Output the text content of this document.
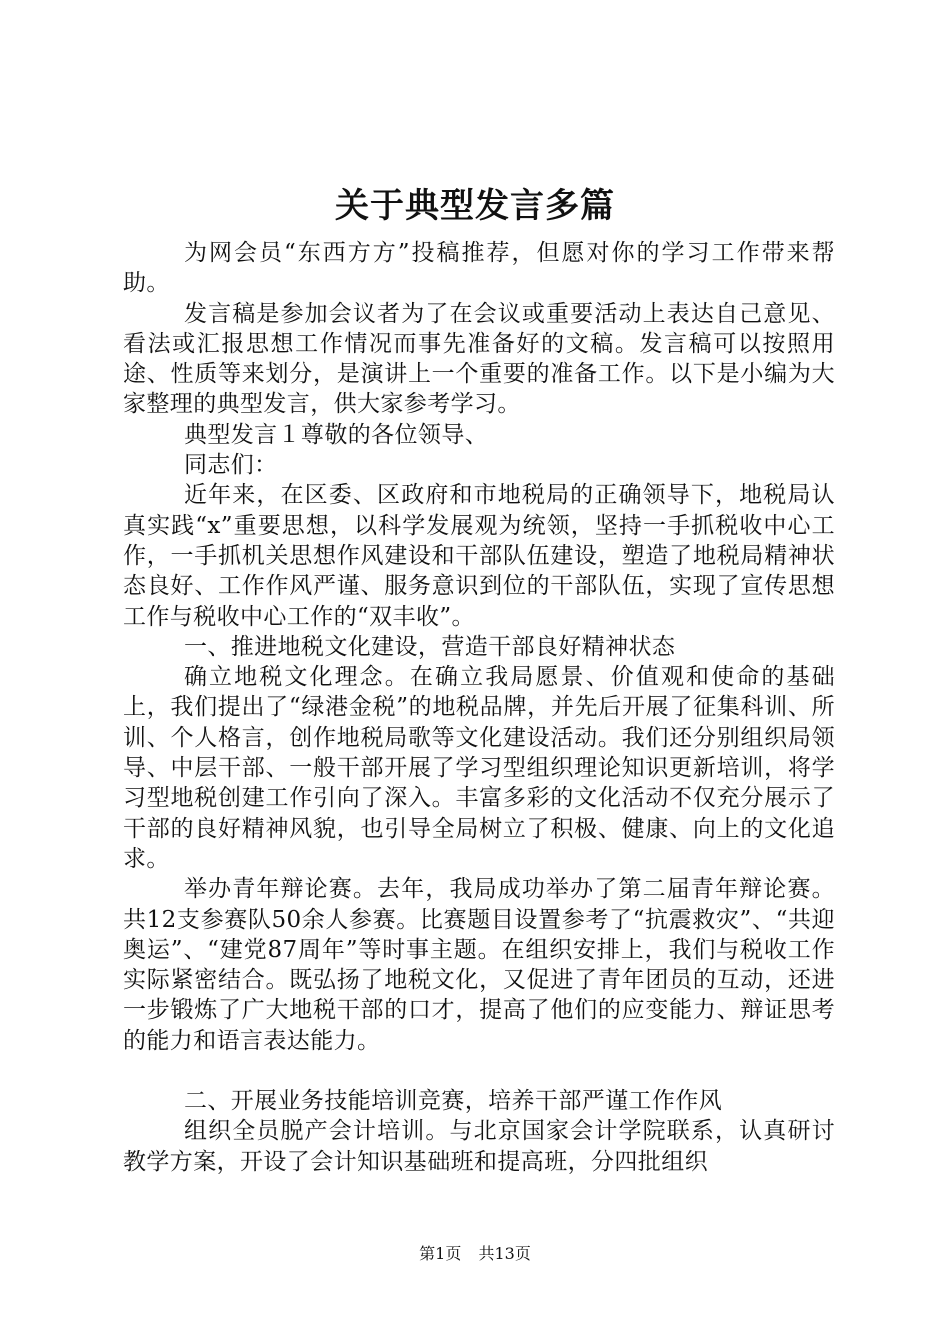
关于典型发言多篇

为网会员“东西方方”投稿推荐，但愿对你的学习工作带来帮助。

发言稿是参加会议者为了在会议或重要活动上表达自己意见、看法或汇报思想工作情况而事先准备好的文稿。发言稿可以按照用途、性质等来划分，是演讲上一个重要的准备工作。以下是小编为大家整理的典型发言，供大家参考学习。

典型发言１尊敬的各位领导、

同志们：

近年来，在区委、区政府和市地税局的正确领导下，地税局认真实践“x”重要思想，以科学发展观为统领，坚持一手抓税收中心工作，一手抓机关思想作风建设和干部队伍建设，塑造了地税局精神状态良好、工作作风严谨、服务意识到位的干部队伍，实现了宣传思想工作与税收中心工作的“双丰收”。

一、推进地税文化建设，营造干部良好精神状态

确立地税文化理念。在确立我局愿景、价值观和使命的基础上，我们提出了“绿港金税”的地税品牌，并先后开展了征集科训、所训、个人格言，创作地税局歌等文化建设活动。我们还分别组织局领导、中层干部、一般干部开展了学习型组织理论知识更新培训，将学习型地税创建工作引向了深入。丰富多彩的文化活动不仅充分展示了干部的良好精神风貌，也引导全局树立了积极、健康、向上的文化追求。

举办青年辩论赛。去年，我局成功举办了第二届青年辩论赛。共12支参赛队50余人参赛。比赛题目设置参考了“抗震救灾”、“共迎奥运”、“建党87周年”等时事主题。在组织安排上，我们与税收工作实际紧密结合。既弘扬了地税文化，又促进了青年团员的互动，还进一步锻炼了广大地税干部的口才，提高了他们的应变能力、辩证思考的能力和语言表达能力。

二、开展业务技能培训竞赛，培养干部严谨工作作风

组织全员脱产会计培训。与北京国家会计学院联系，认真研讨教学方案，开设了会计知识基础班和提高班，分四批组织

第1页 共13页
